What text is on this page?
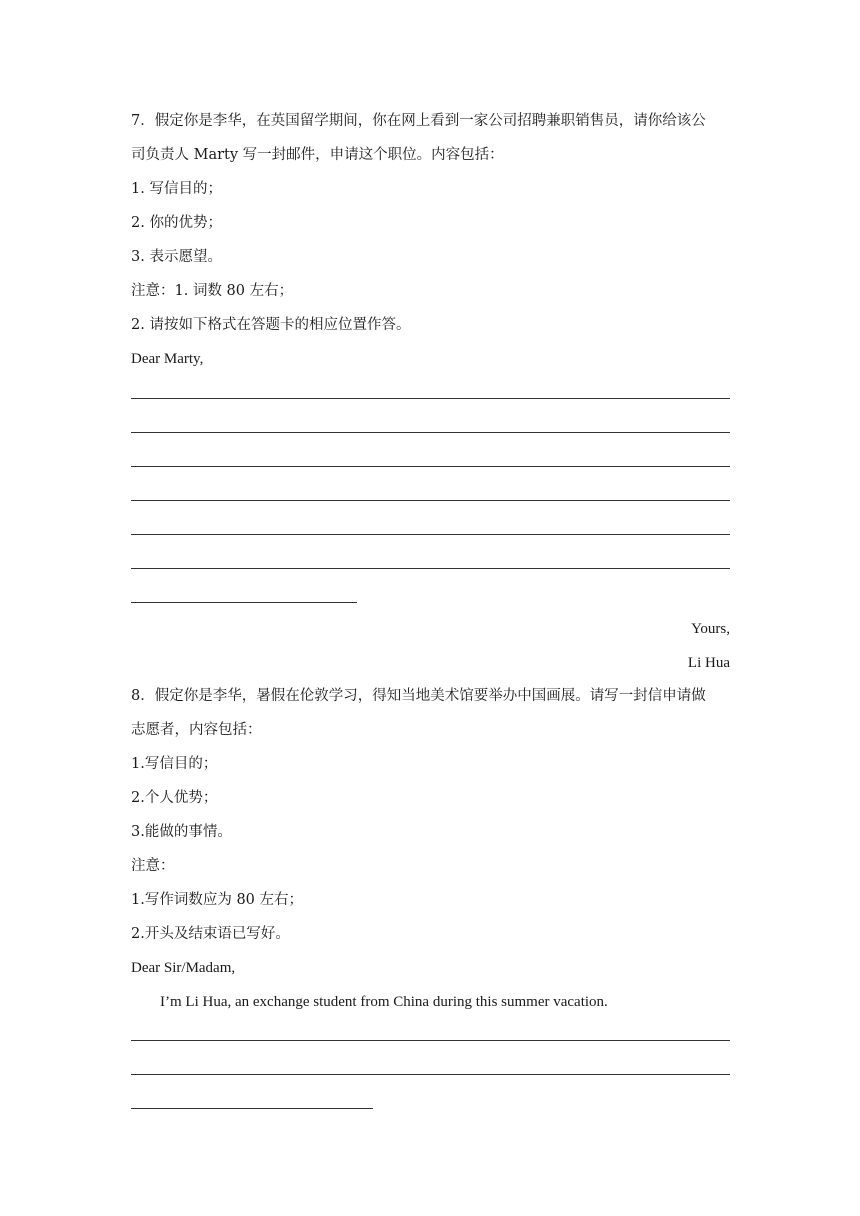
7．假定你是李华，在英国留学期间，你在网上看到一家公司招聘兼职销售员，请你给该公
司负责人 Marty 写一封邮件，申请这个职位。内容包括：
1. 写信目的；
2. 你的优势；
3. 表示愿望。
注意：1. 词数 80 左右；
2. 请按如下格式在答题卡的相应位置作答。
Dear Marty,
Yours,
Li Hua
8．假定你是李华，暑假在伦敦学习，得知当地美术馆要举办中国画展。请写一封信申请做
志愿者，内容包括：
1.写信目的；
2.个人优势；
3.能做的事情。
注意：
1.写作词数应为 80 左右；
2.开头及结束语已写好。
Dear Sir/Madam,
I’m Li Hua, an exchange student from China during this summer vacation.
